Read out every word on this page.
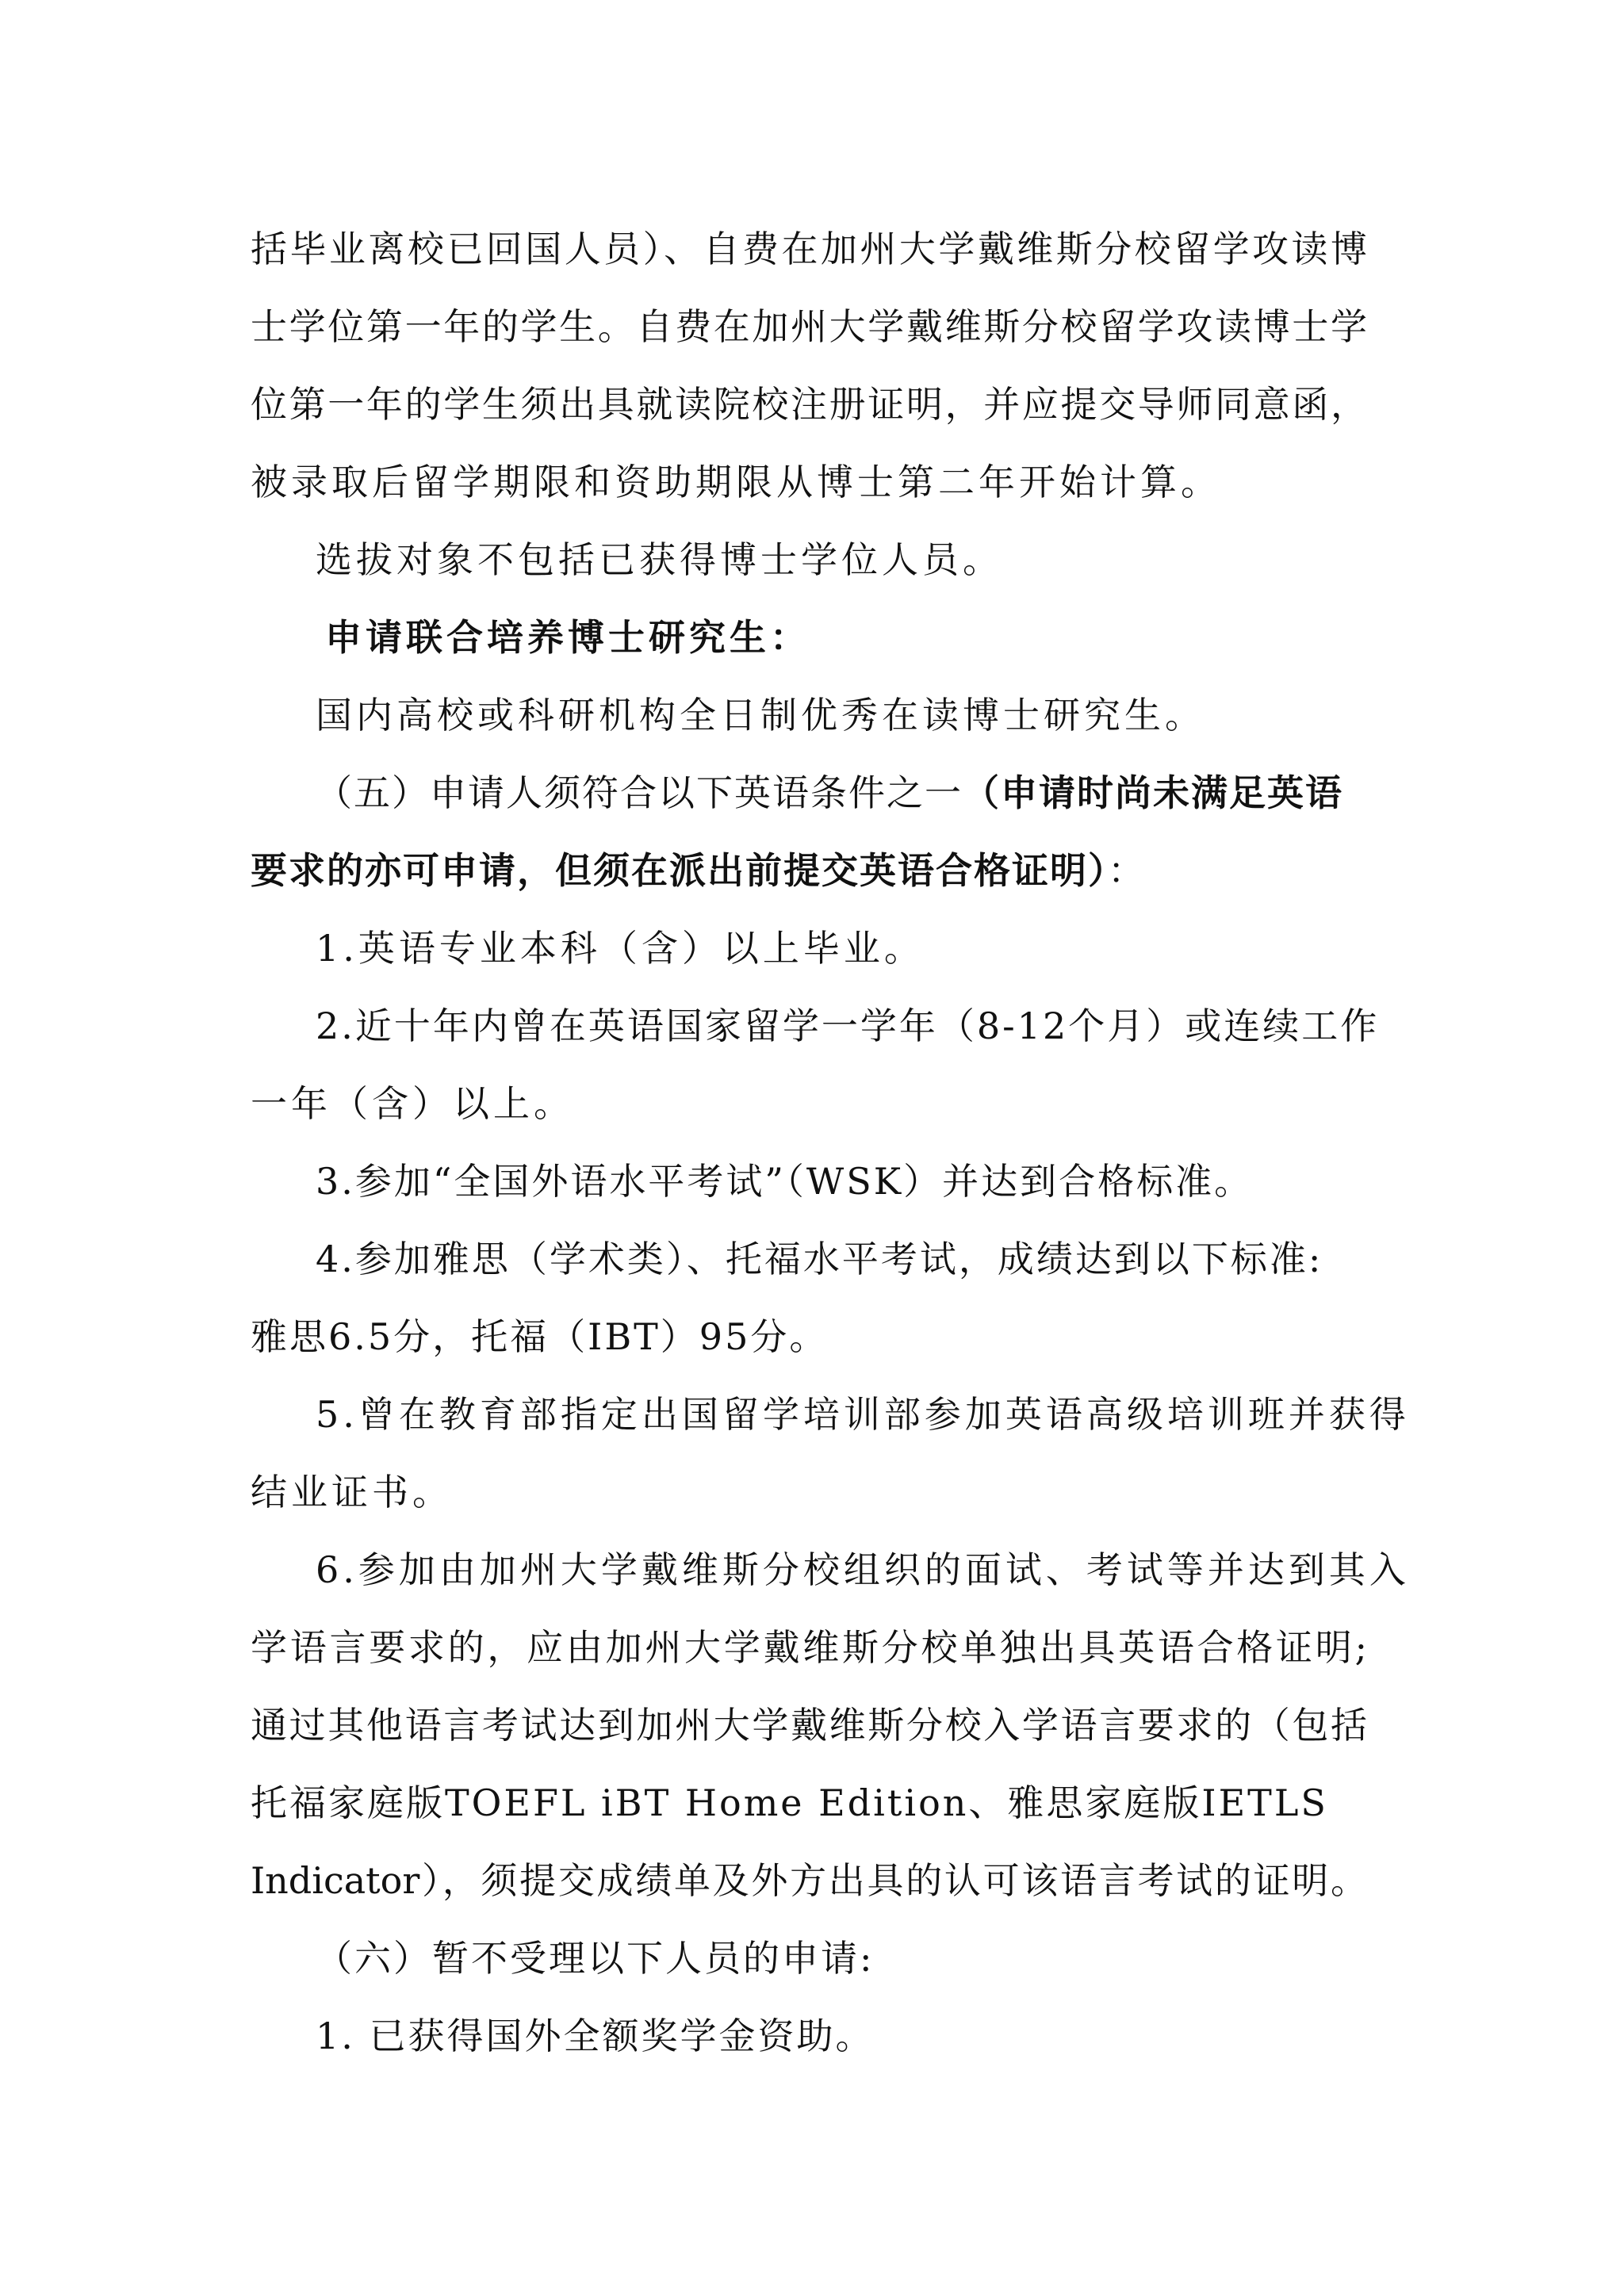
括毕业离校已回国人员）、自费在加州大学戴维斯分校留学攻读博
士学位第一年的学生。自费在加州大学戴维斯分校留学攻读博士学
位第一年的学生须出具就读院校注册证明，并应提交导师同意函，
被录取后留学期限和资助期限从博士第二年开始计算。
选拔对象不包括已获得博士学位人员。
申请联合培养博士研究生：
国内高校或科研机构全日制优秀在读博士研究生。
（五）申请人须符合以下英语条件之一（申请时尚未满足英语
要求的亦可申请，但须在派出前提交英语合格证明）：
1.英语专业本科（含）以上毕业。
2.近十年内曾在英语国家留学一学年（8-12个月）或连续工作
一年（含）以上。
3.参加“全国外语水平考试”（WSK）并达到合格标准。
4.参加雅思（学术类）、托福水平考试，成绩达到以下标准:
雅思6.5分，托福（IBT）95分。
5.曾在教育部指定出国留学培训部参加英语高级培训班并获得
结业证书。
6.参加由加州大学戴维斯分校组织的面试、考试等并达到其入
学语言要求的，应由加州大学戴维斯分校单独出具英语合格证明;
通过其他语言考试达到加州大学戴维斯分校入学语言要求的（包括
托福家庭版TOEFL iBT Home Edition、雅思家庭版IETLS
Indicator），须提交成绩单及外方出具的认可该语言考试的证明。
（六）暂不受理以下人员的申请:
1. 已获得国外全额奖学金资助。
